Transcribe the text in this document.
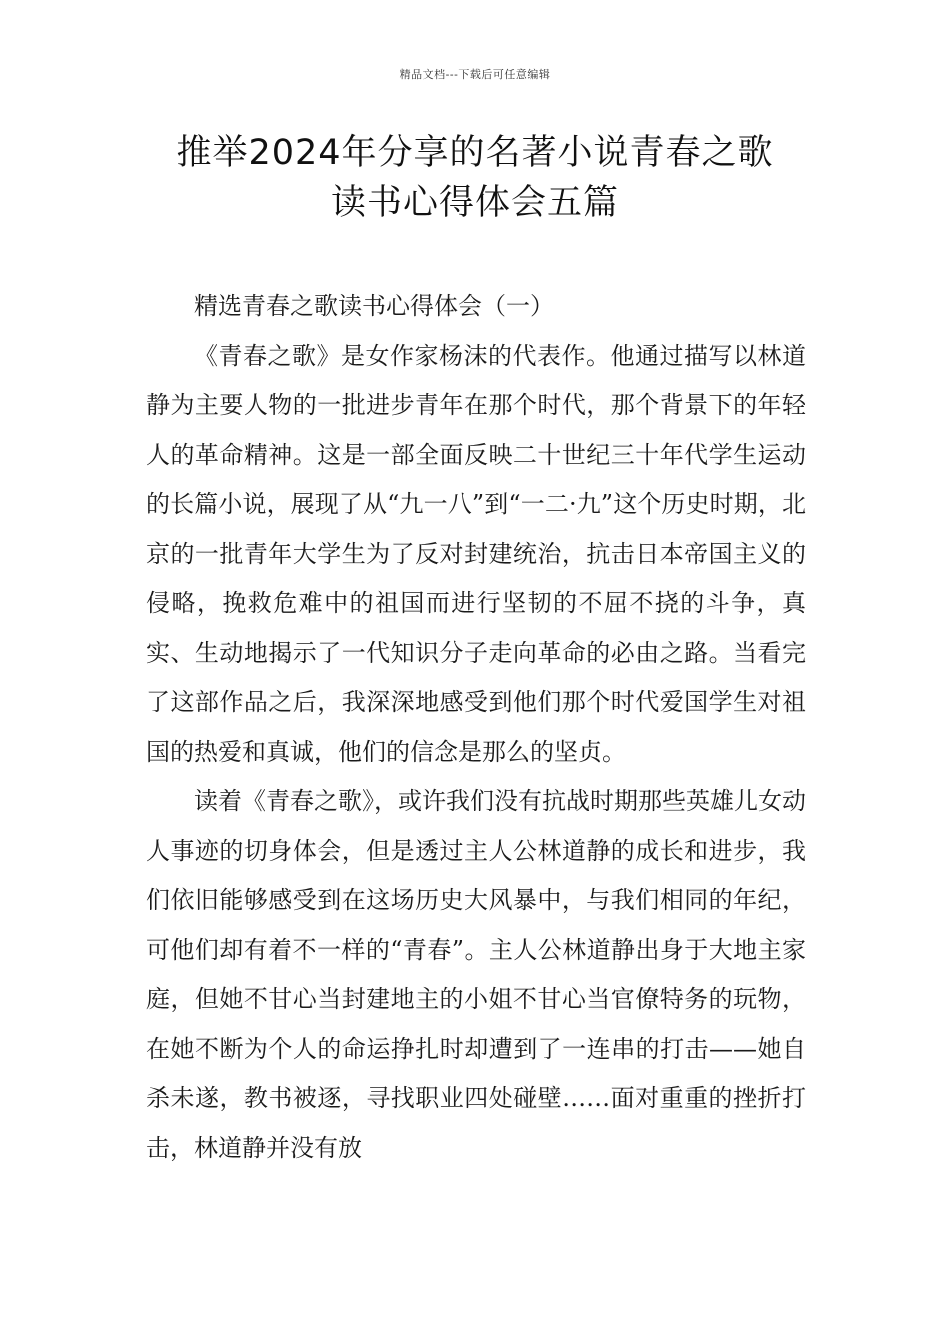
精品文档---下载后可任意编辑
推举2024年分享的名著小说青春之歌
读书心得体会五篇

精选青春之歌读书心得体会（一）

《青春之歌》是女作家杨沫的代表作。他通过描写以林道静为主要人物的一批进步青年在那个时代，那个背景下的年轻人的革命精神。这是一部全面反映二十世纪三十年代学生运动的长篇小说，展现了从“九一八”到“一二·九”这个历史时期，北京的一批青年大学生为了反对封建统治，抗击日本帝国主义的侵略，挽救危难中的祖国而进行坚韧的不屈不挠的斗争，真实、生动地揭示了一代知识分子走向革命的必由之路。当看完了这部作品之后，我深深地感受到他们那个时代爱国学生对祖国的热爱和真诚，他们的信念是那么的坚贞。

读着《青春之歌》，或许我们没有抗战时期那些英雄儿女动人事迹的切身体会，但是透过主人公林道静的成长和进步，我们依旧能够感受到在这场历史大风暴中，与我们相同的年纪，可他们却有着不一样的“青春”。主人公林道静出身于大地主家庭，但她不甘心当封建地主的小姐不甘心当官僚特务的玩物，在她不断为个人的命运挣扎时却遭到了一连串的打击——她自杀未遂，教书被逐，寻找职业四处碰壁……面对重重的挫折打击，林道静并没有放
